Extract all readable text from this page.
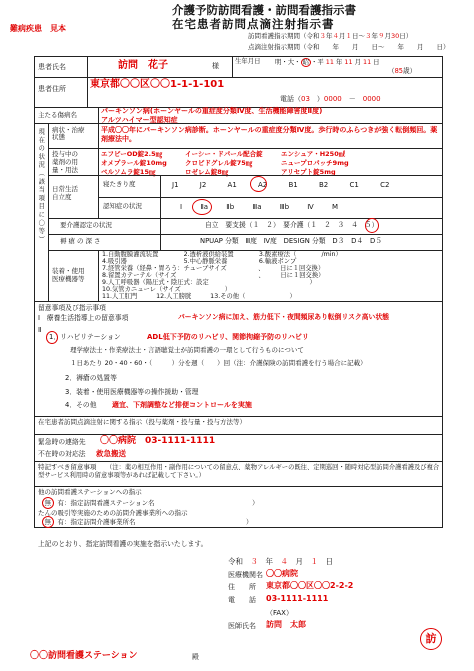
難病疾患　見本
介護予防訪問看護・訪問看護指示書
在宅患者訪問点滴注射指示書
訪問看護指示期間（令和３年４月１日～３年９月30日）
点滴注射指示期間（令和　　年　　月　　日～　　年　　月　　日）
患者氏名	訪問　花子	様
生年月日 明・大・ 昭 ・平 11 年 11 月 11 日
（85歳）
患者住所 東京都〇〇区〇〇1-1-1-101
電話（03　）0000　－　0000
主たる傷病名	パーキンソン病(ホーンヤールの重症度分類Ⅳ度、生活機能障害度Ⅱ度)
アルツハイマー型認知症
現在の状況（該当項目に〇等） 病状・治療
状態
平成〇〇年にパーキンソン病診断。ホーンヤールの重症度分類Ⅳ度。歩行時のふらつきが強く転倒頻回。薬剤療法中。
投与中の
薬剤の用
量・用法
エフピーOD錠2.5㎎	イーシー・ドパール配合錠	エンシュア・H250㎖
オメプラール錠10mg	クロピドグレル錠75㎎	ニュープロパッチ9mg
ベルソムラ錠15㎎	ロゼレム錠8㎎	アリセプト錠5mg
日常生活
自立度
寝たきり度	J1	J2	A1	A2	B1	B2	C1	C2
認知症の状況	Ⅰ	Ⅱa	Ⅱb	Ⅲa	Ⅲb	Ⅳ	M
要介護認定の状況	自立　要支援（１　２）　要介護（１　２　３　４　５）
褥瘡の深さ	NPUAP 分類　Ⅲ度　Ⅳ度　DESIGN 分類　D３　D４　D５
装着・使用
医療機器等
1.自動腹膜灌流装置　　　　2.透析液供給装置　　　　3.酸素療法（　　　　/min）
4.吸引器　　　　　　　　　5.中心静脈栄養　　　　　6.輸液ポンプ
7.経管栄養（経鼻・胃ろう：チューブサイズ　　　　　、　　　日に１回交換）
8.留置カテーテル（サイズ　　　　　　　　　　　　　、　　　日に１回交換）
9.人工呼吸器（陽圧式・陰圧式：設定　　　　　　　　　　　　　　　　）
10.気管カニューレ（サイズ　　　　　　　）
11.人工肛門　　　12.人工膀胱　　　13.その他（　　　　　　　）
留意事項及び指示事項
Ⅰ　療養生活指導上の留意事項	パーキンソン病に加え、筋力低下・夜間頻尿あり転倒リスク高い状態
Ⅱ
1．リハビリテーション	ADL低下予防のリハビリ、関節拘縮予防のリハビリ
理学療法士・作業療法士・言語聴覚士が訪問看護の一環として行うものについて
１日あたり 20・40・60・（　　　）分を週（　　）回（注：介護保険の訪問看護を行う場合に記載）
2．褥瘡の処置等
3．装着・使用医療機器等の操作援助・管理
4．その他 適宜、下剤調整など排便コントロールを実施
在宅患者訪問点滴注射に関する指示（投与薬剤・投与量・投与方法等）
緊急時の連絡先 〇〇病院　03-1111-1111
不在時の対応法 救急搬送
特記すべき留意事項	（注：薬の相互作用・副作用についての留意点、薬物アレルギーの既往、定期巡回・随時対応型訪問介護看護及び複合型サービス利用時の留意事項等があれば記載して下さい。）
他の訪問看護ステーションへの指示
（無　有：指定訪問看護ステーション名　　　　　　　　　　　　　　　）
たんの吸引等実施のための訪問介護事業所への指示
（無　有：指定訪問介護事業所名　　　　　　　　　　　　　　　　　）
上記のとおり、指定訪問看護の実施を指示いたします。
令和　３　年　４　月　１　日
医療機関名 〇〇病院
住　　所 東京都〇〇区〇〇2-2-2
電　　話 03-1111-1111
（FAX）
医師氏名 訪問　太郎
訪
〇〇訪問看護ステーション	殿
